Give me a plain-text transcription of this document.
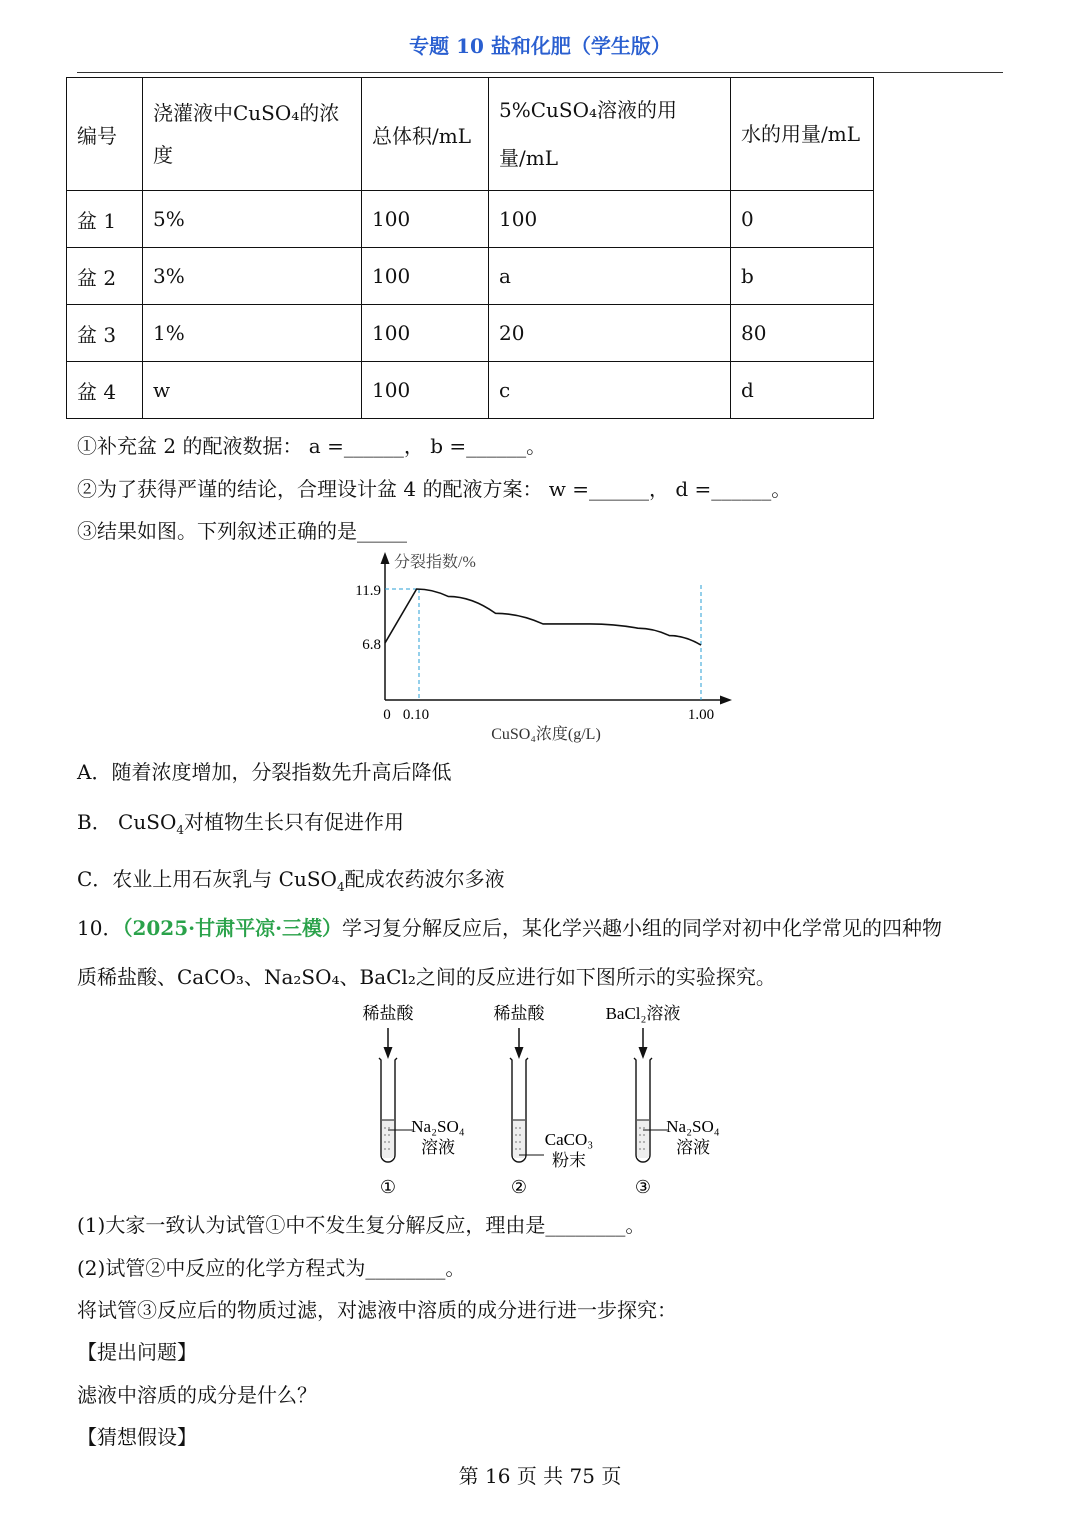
专题 10 盐和化肥（学生版）
编号	浇灌液中CuSO₄的浓度	总体积/mL	5%CuSO₄溶液的用量/mL	水的用量/mL
盆 1	5%	100	100	0
盆 2	3%	100	a	b
盆 3	1%	100	20	80
盆 4	w	100	c	d
①补充盆 2 的配液数据： a =______， b =______。
②为了获得严谨的结论，合理设计盆 4 的配液方案： w =______， d =______。
③结果如图。下列叙述正确的是_____
分裂指数/%
11.9
6.8
0 0.10	1.00
CuSO₄浓度(g/L)
A．随着浓度增加，分裂指数先升高后降低
B． CuSO$_4$对植物生长只有促进作用
C．农业上用石灰乳与 CuSO$_4$配成农药波尔多液
10．（2025·甘肃平凉·三模）学习复分解反应后，某化学兴趣小组的同学对初中化学常见的四种物
质稀盐酸、CaCO₃、Na₂SO₄、BaCl₂之间的反应进行如下图所示的实验探究。
稀盐酸
Na₂SO₄
溶液
①
稀盐酸
CaCO₃
粉末
②
BaCl₂溶液
Na₂SO₄
溶液
③
(1)大家一致认为试管①中不发生复分解反应，理由是________。
(2)试管②中反应的化学方程式为________。
将试管③反应后的物质过滤，对滤液中溶质的成分进行进一步探究：
【提出问题】
滤液中溶质的成分是什么？
【猜想假设】
第 16 页 共 75 页
